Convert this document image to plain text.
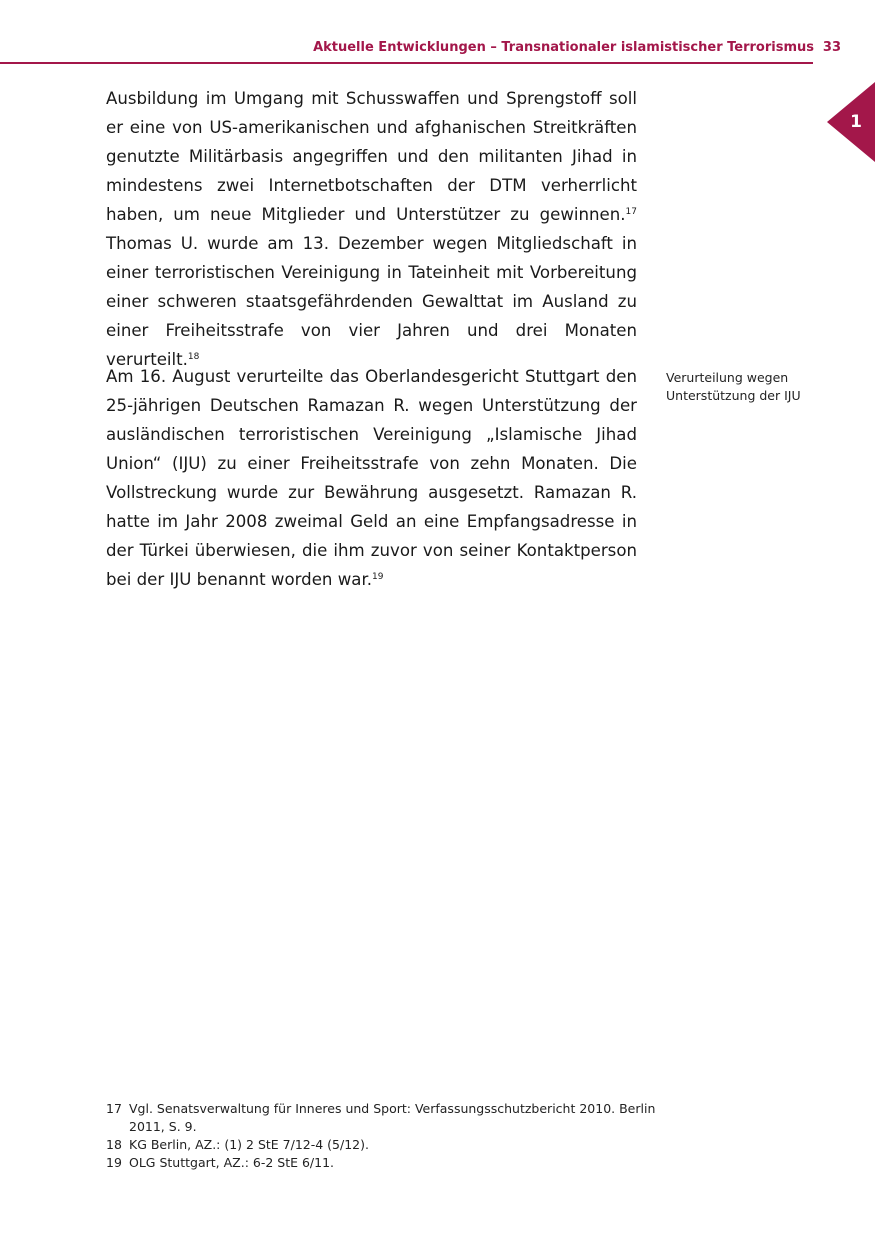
Aktuelle Entwicklungen – Transnationaler islamistischer Terrorismus 33
1

Ausbildung im Umgang mit Schusswaffen und Sprengstoff soll er eine von US-amerikanischen und afghanischen Streitkräften genutzte Militärbasis angegriffen und den militanten Jihad in mindestens zwei Internetbotschaften der DTM verherrlicht haben, um neue Mitglieder und Unterstützer zu gewinnen.$^{17}$ Thomas U. wurde am 13. Dezember wegen Mitgliedschaft in einer terroristischen Vereinigung in Tateinheit mit Vorbereitung einer schweren staatsgefährdenden Gewalttat im Ausland zu einer Freiheitsstrafe von vier Jahren und drei Monaten verurteilt.$^{18}$

Am 16. August verurteilte das Oberlandesgericht Stuttgart den 25-jährigen Deutschen Ramazan R. wegen Unterstützung der ausländischen terroristischen Vereinigung „Islamische Jihad Union“ (IJU) zu einer Freiheitsstrafe von zehn Monaten. Die Vollstreckung wurde zur Bewährung ausgesetzt. Ramazan R. hatte im Jahr 2008 zweimal Geld an eine Empfangsadresse in der Türkei überwiesen, die ihm zuvor von seiner Kontaktperson bei der IJU benannt worden war.$^{19}$

Verurteilung wegen
Unterstützung der IJU
17 Vgl. Senatsverwaltung für Inneres und Sport: Verfassungsschutzbericht 2010. Berlin 2011, S. 9.
18 KG Berlin, AZ.: (1) 2 StE 7/12-4 (5/12).
19 OLG Stuttgart, AZ.: 6-2 StE 6/11.
